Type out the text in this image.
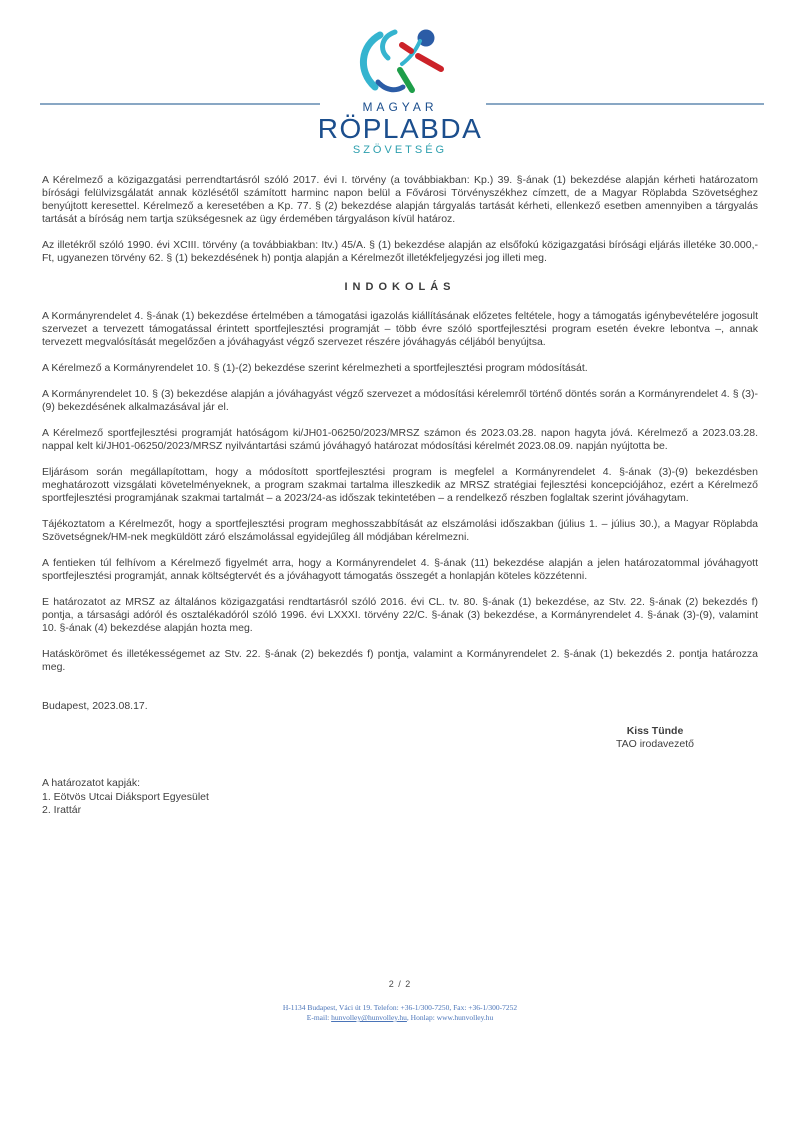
MAGYAR
RÖPLABDA
SZÖVETSÉG

A Kérelmező a közigazgatási perrendtartásról szóló 2017. évi I. törvény (a továbbiakban: Kp.) 39. §-ának (1) bekezdése alapján kérheti határozatom bírósági felülvizsgálatát annak közlésétől számított harminc napon belül a Fővárosi Törvényszékhez címzett, de a Magyar Röplabda Szövetséghez benyújtott keresettel. Kérelmező a keresetében a Kp. 77. § (2) bekezdése alapján tárgyalás tartását kérheti, ellenkező esetben amennyiben a tárgyalás tartását a bíróság nem tartja szükségesnek az ügy érdemében tárgyaláson kívül határoz.

Az illetékről szóló 1990. évi XCIII. törvény (a továbbiakban: Itv.) 45/A. § (1) bekezdése alapján az elsőfokú közigazgatási bírósági eljárás illetéke 30.000,- Ft, ugyanezen törvény 62. § (1) bekezdésének h) pontja alapján a Kérelmezőt illetékfeljegyzési jog illeti meg.

INDOKOLÁS

A Kormányrendelet 4. §-ának (1) bekezdése értelmében a támogatási igazolás kiállításának előzetes feltétele, hogy a támogatás igénybevételére jogosult szervezet a tervezett támogatással érintett sportfejlesztési programját – több évre szóló sportfejlesztési program esetén évekre lebontva –, annak tervezett megvalósítását megelőzően a jóváhagyást végző szervezet részére jóváhagyás céljából benyújtsa.

A Kérelmező a Kormányrendelet 10. § (1)-(2) bekezdése szerint kérelmezheti a sportfejlesztési program módosítását.

A Kormányrendelet 10. § (3) bekezdése alapján a jóváhagyást végző szervezet a módosítási kérelemről történő döntés során a Kormányrendelet 4. § (3)-(9) bekezdésének alkalmazásával jár el.

A Kérelmező sportfejlesztési programját hatóságom ki/JH01-06250/2023/MRSZ számon és 2023.03.28. napon hagyta jóvá. Kérelmező a 2023.03.28. nappal kelt ki/JH01-06250/2023/MRSZ nyilvántartási számú jóváhagyó határozat módosítási kérelmét 2023.08.09. napján nyújtotta be.

Eljárásom során megállapítottam, hogy a módosított sportfejlesztési program is megfelel a Kormányrendelet 4. §-ának (3)-(9) bekezdésben meghatározott vizsgálati követelményeknek, a program szakmai tartalma illeszkedik az MRSZ stratégiai fejlesztési koncepciójához, ezért a Kérelmező sportfejlesztési programjának szakmai tartalmát – a 2023/24-as időszak tekintetében – a rendelkező részben foglaltak szerint jóváhagytam.

Tájékoztatom a Kérelmezőt, hogy a sportfejlesztési program meghosszabbítását az elszámolási időszakban (július 1. – július 30.), a Magyar Röplabda Szövetségnek/HM-nek megküldött záró elszámolással egyidejűleg áll módjában kérelmezni.

A fentieken túl felhívom a Kérelmező figyelmét arra, hogy a Kormányrendelet 4. §-ának (11) bekezdése alapján a jelen határozatommal jóváhagyott sportfejlesztési programját, annak költségtervét és a jóváhagyott támogatás összegét a honlapján köteles közzétenni.

E határozatot az MRSZ az általános közigazgatási rendtartásról szóló 2016. évi CL. tv. 80. §-ának (1) bekezdése, az Stv. 22. §-ának (2) bekezdés f) pontja, a társasági adóról és osztalékadóról szóló 1996. évi LXXXI. törvény 22/C. §-ának (3) bekezdése, a Kormányrendelet 4. §-ának (3)-(9), valamint 10. §-ának (4) bekezdése alapján hozta meg.

Hatáskörömet és illetékességemet az Stv. 22. §-ának (2) bekezdés f) pontja, valamint a Kormányrendelet 2. §-ának (1) bekezdés 2. pontja határozza meg.

Budapest, 2023.08.17.
Kiss Tünde
TAO irodavezető
A határozatot kapják:
1. Eötvös Utcai Diáksport Egyesület
2. Irattár
2 / 2
H-1134 Budapest, Váci út 19. Telefon: +36-1/300-7250, Fax: +36-1/300-7252
E-mail: hunvolley@hunvolley.hu, Honlap: www.hunvolley.hu
